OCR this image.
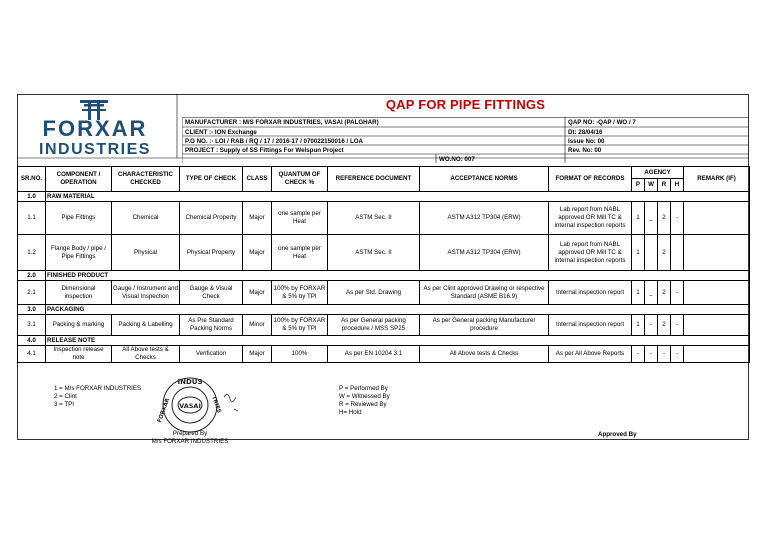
FORXAR
INDUSTRIES
QAP FOR PIPE FITTINGS
MANUFACTURER : M/S FORXAR INDUSTRIES, VASAI (PALGHAR)
CLIENT :- ION Exchange
P.O NO. :- LOI / RAB / RQ / 17 / 2016-17 / 070022150016 / LOA
PROJECT : Supply of SS Fittings For Welspun Project
WO.NO: 007
QAP NO: -QAP / WO / 7
Dt: 28/04/16
Issue No: 00
Rev. No: 00
SR.NO.	COMPONENT / OPERATION	CHARACTERISTIC CHECKED	TYPE OF CHECK	CLASS	QUANTUM OF CHECK %	REFERENCE DOCUMENT	ACCEPTANCE NORMS	FORMAT OF RECORDS	AGENCY				REMARK (IF)
									P	W	R	H	
1.0	RAW MATERIAL												
1.1	Pipe Fittings	Chemical	Chemical Property	Major	one sample per Heat	ASTM Sec. II	ASTM A312 TP304 (ERW)	Lab report from NABL approved OR Mill TC & internal inspection reports	1	_	2	-	
1.2	Flange Body / pipe / Pipe Fittings	Physical	Physical Property	Major	one sample per Heat	ASTM Sec. II	ASTM A312 TP304 (ERW)	Lab report from NABL approved OR Mill TC & internal inspection reports	1		2		
2.0	FINISHED PRODUCT												
2.1	Dimensional inspection	Gauge / Instrument and Visual Inspection	Gauge & Visual Check	Major	100% by FORXAR & 5% by TPI	As per Std. Drawing	As per Clint approved Drawing or respective Standard (ASME B16.9)	Internal inspection report	1	_	2	-	
3.0	PACKAGING												
3.1	Packing & marking	Packing & Labelling	As Pre Standard Packing Norms	Minor	100% by FORXAR & 5% by TPI	As per General packing procedure / MSS SP25	As per General packing Manufacturer procedure	Internal inspection report	1	-	2	-	
4.0	RELEASE NOTE												
4.1	Inspection release note	All Above tests & Checks	Verification	Major	100%	As per EN 10204 3.1	All Above tests & Checks	As per All Above Reports	-	-	-	-	
1 = M/s FORXAR INDUSTRIES
2 = Clint
3 = TPI
INDUS
VASAI
FORXAR	TRIES
P = Performed By
W = Witnessed By
R = Reviewed By
H= Hold
Prepared By
M/s FORXAR INDUSTRIES
Approved By
